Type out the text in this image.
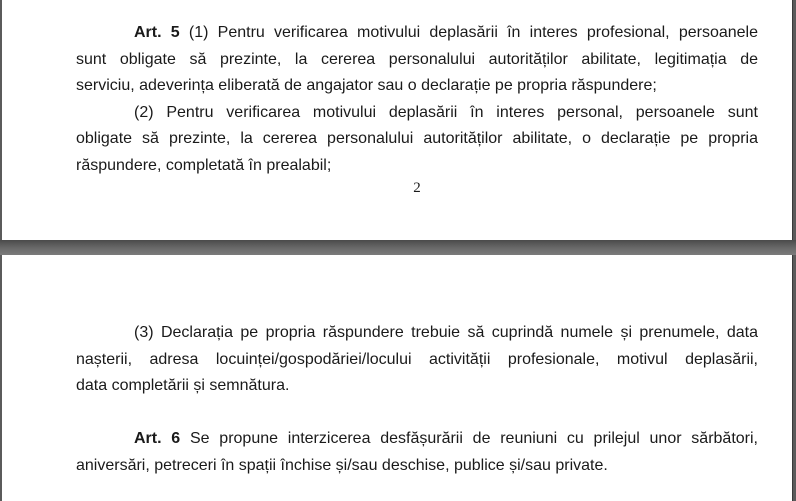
Art. 5 (1) Pentru verificarea motivului deplasării în interes profesional, persoanele
sunt obligate să prezinte, la cererea personalului autorităților abilitate, legitimația de
serviciu, adeverința eliberată de angajator sau o declarație pe propria răspundere;

(2) Pentru verificarea motivului deplasării în interes personal, persoanele sunt
obligate să prezinte, la cererea personalului autorităților abilitate, o declarație pe propria
răspundere, completată în prealabil;

2

(3) Declarația pe propria răspundere trebuie să cuprindă numele și prenumele, data
nașterii, adresa locuinței/gospodăriei/locului activității profesionale, motivul deplasării,
data completării și semnătura.

Art. 6 Se propune interzicerea desfășurării de reuniuni cu prilejul unor sărbători,
aniversări, petreceri în spații închise și/sau deschise, publice și/sau private.
